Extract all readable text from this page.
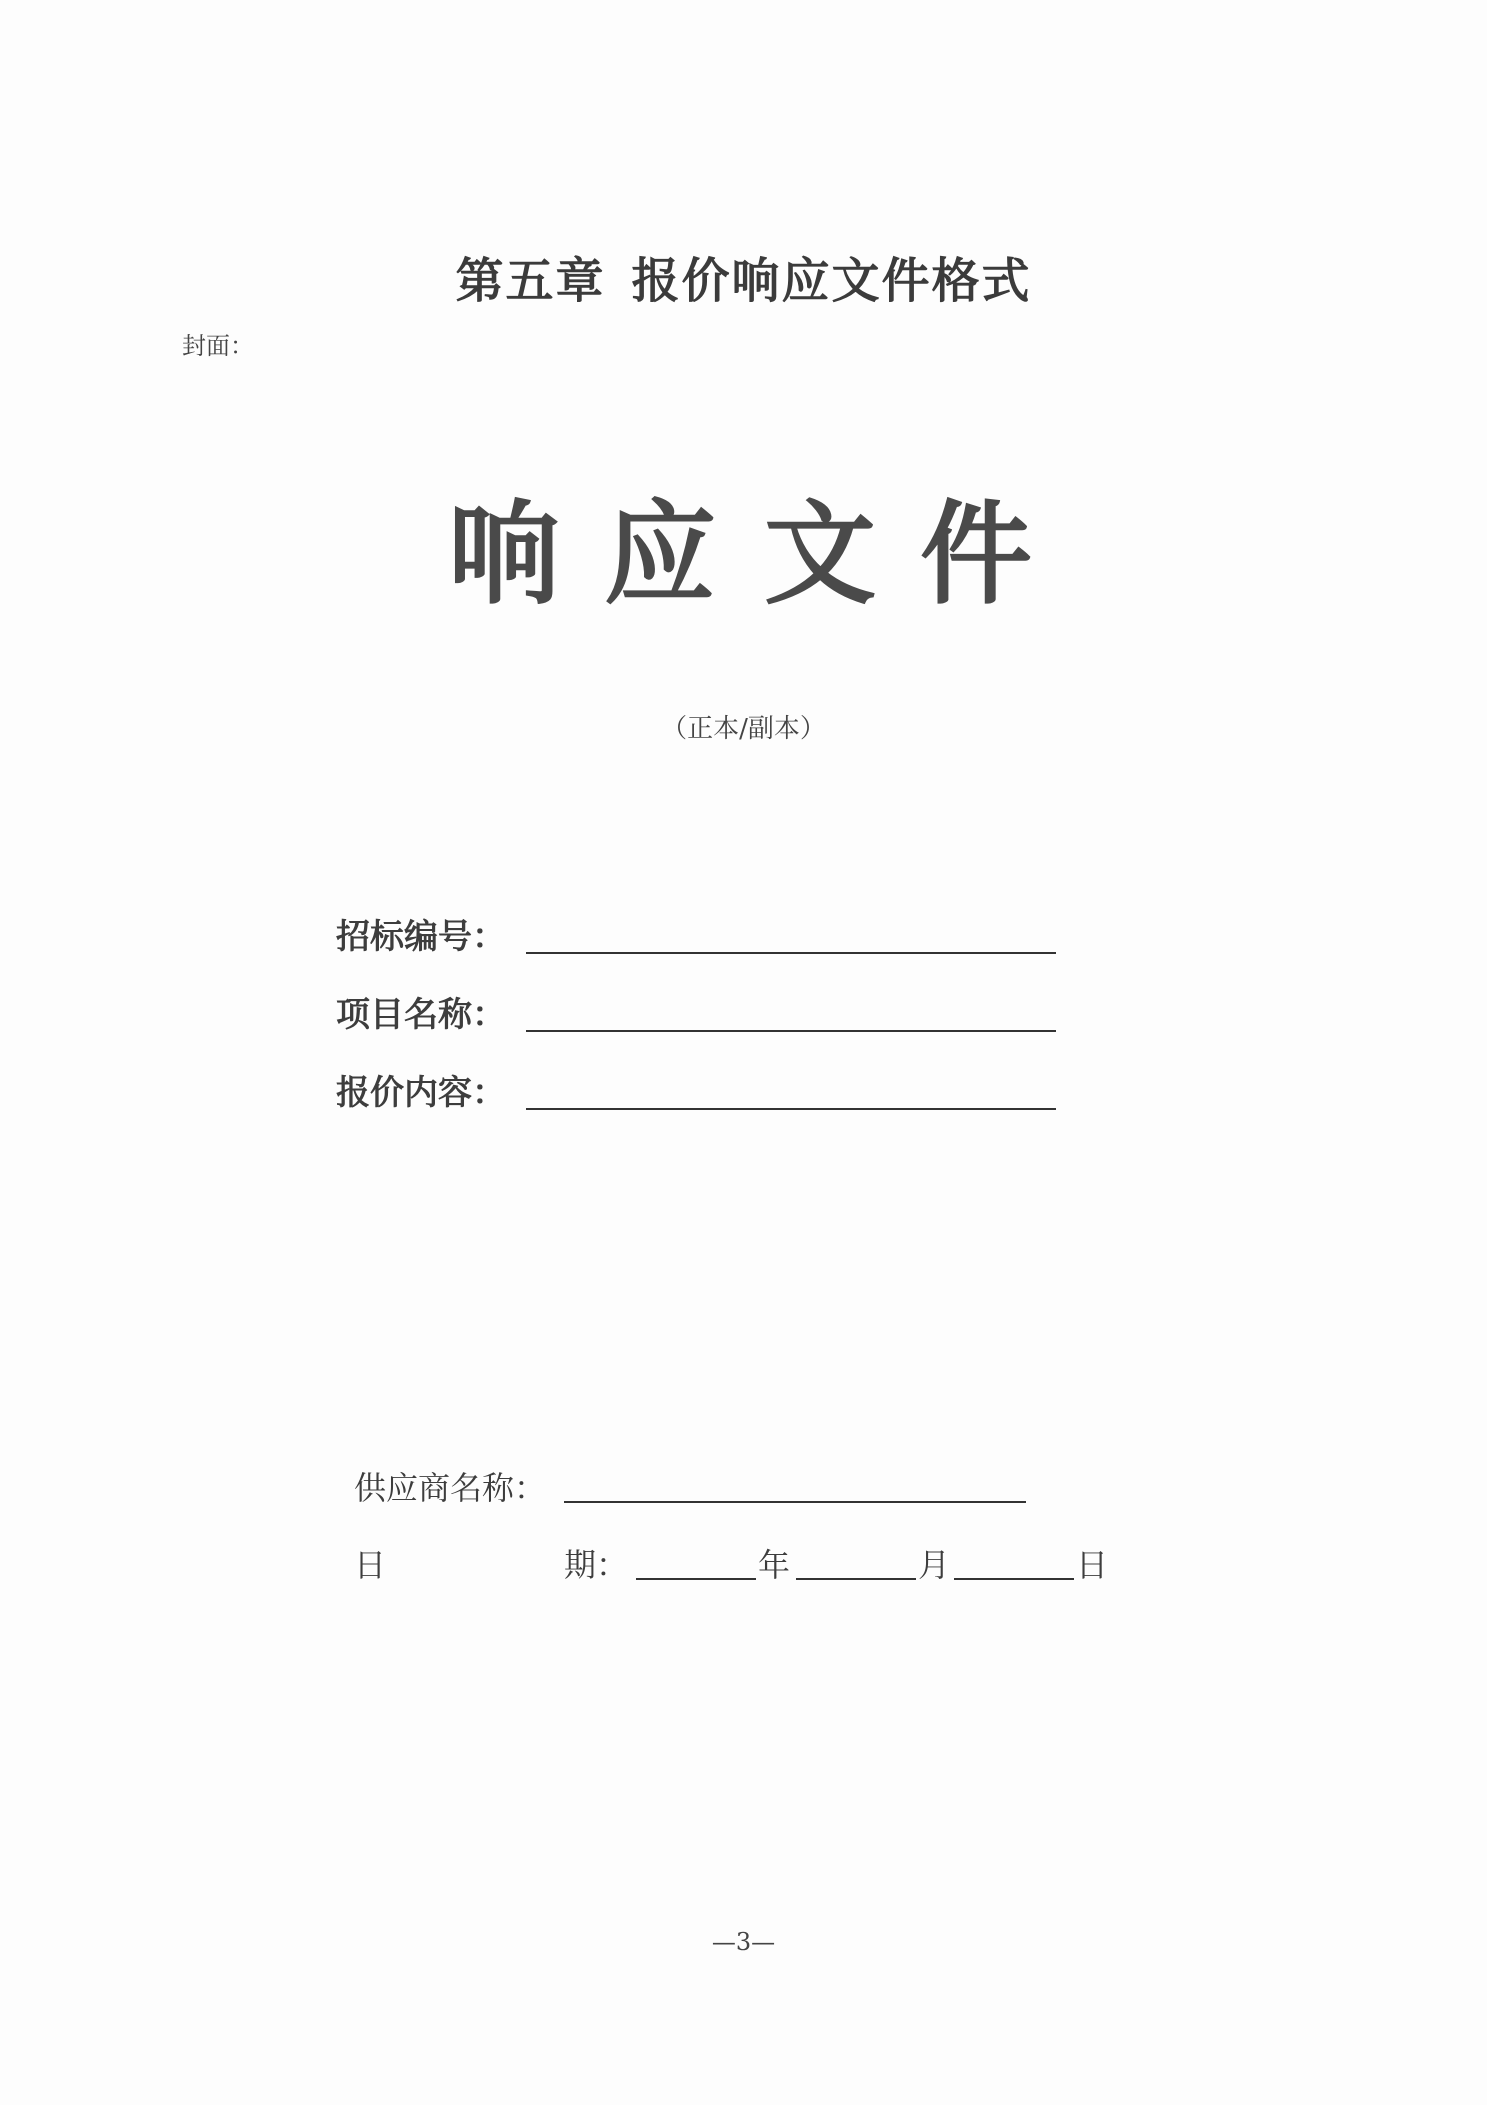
第五章 报价响应文件格式
封面：
响 应 文 件
（正本/副本）
招标编号：
项目名称：
报价内容：
供应商名称：
日	期：	年	月	日
—3—
